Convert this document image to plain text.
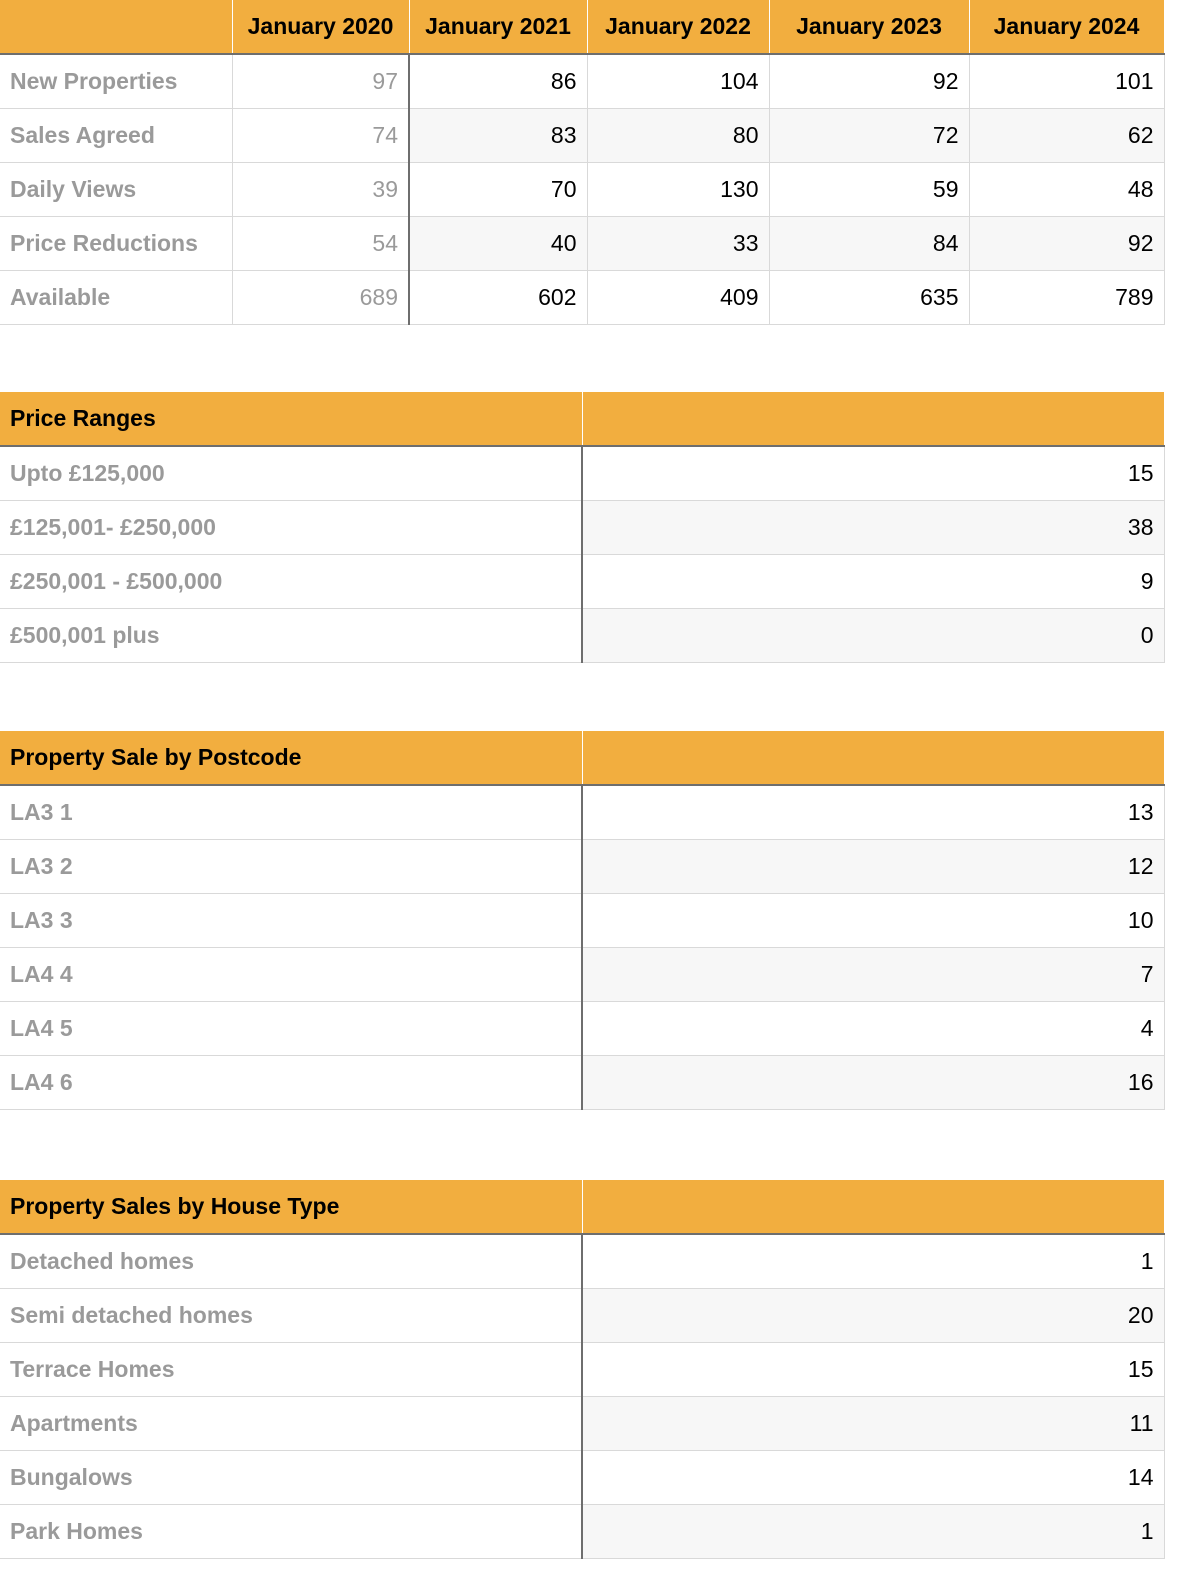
	January 2020	January 2021	January 2022	January 2023	January 2024
New Properties	97	86	104	92	101
Sales Agreed	74	83	80	72	62
Daily Views	39	70	130	59	48
Price Reductions	54	40	33	84	92
Available	689	602	409	635	789
Price Ranges	
Upto £125,000	15
£125,001- £250,000	38
£250,001 - £500,000	9
£500,001 plus	0
Property Sale by Postcode	
LA3 1	13
LA3 2	12
LA3 3	10
LA4 4	7
LA4 5	4
LA4 6	16
Property Sales by House Type	
Detached homes	1
Semi detached homes	20
Terrace Homes	15
Apartments	11
Bungalows	14
Park Homes	1
